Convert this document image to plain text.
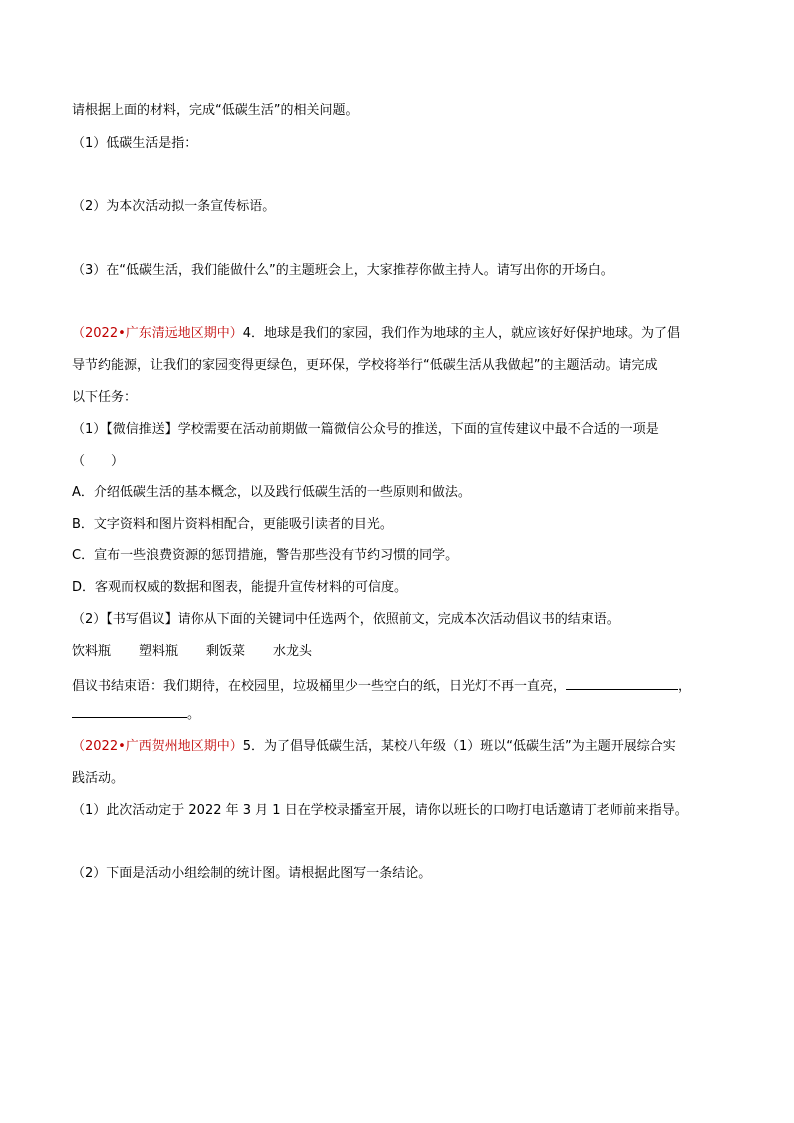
请根据上面的材料，完成“低碳生活”的相关问题。
（1）低碳生活是指：
（2）为本次活动拟一条宣传标语。
（3）在“低碳生活，我们能做什么”的主题班会上，大家推荐你做主持人。请写出你的开场白。
（2022•广东清远地区期中）4．地球是我们的家园，我们作为地球的主人，就应该好好保护地球。为了倡
导节约能源，让我们的家园变得更绿色，更环保，学校将举行“低碳生活从我做起”的主题活动。请完成
以下任务：
（1）【微信推送】学校需要在活动前期做一篇微信公众号的推送，下面的宣传建议中最不合适的一项是
（　　）
A．介绍低碳生活的基本概念，以及践行低碳生活的一些原则和做法。
B．文字资料和图片资料相配合，更能吸引读者的目光。
C．宣布一些浪费资源的惩罚措施，警告那些没有节约习惯的同学。
D．客观而权威的数据和图表，能提升宣传材料的可信度。
（2）【书写倡议】请你从下面的关键词中任选两个，依照前文，完成本次活动倡议书的结束语。
饮料瓶 塑料瓶 剩饭菜 水龙头
倡议书结束语：我们期待，在校园里，垃圾桶里少一些空白的纸，日光灯不再一直亮，	，
。
（2022•广西贺州地区期中）5．为了倡导低碳生活，某校八年级（1）班以“低碳生活”为主题开展综合实
践活动。
（1）此次活动定于 2022 年 3 月 1 日在学校录播室开展，请你以班长的口吻打电话邀请丁老师前来指导。
（2）下面是活动小组绘制的统计图。请根据此图写一条结论。
